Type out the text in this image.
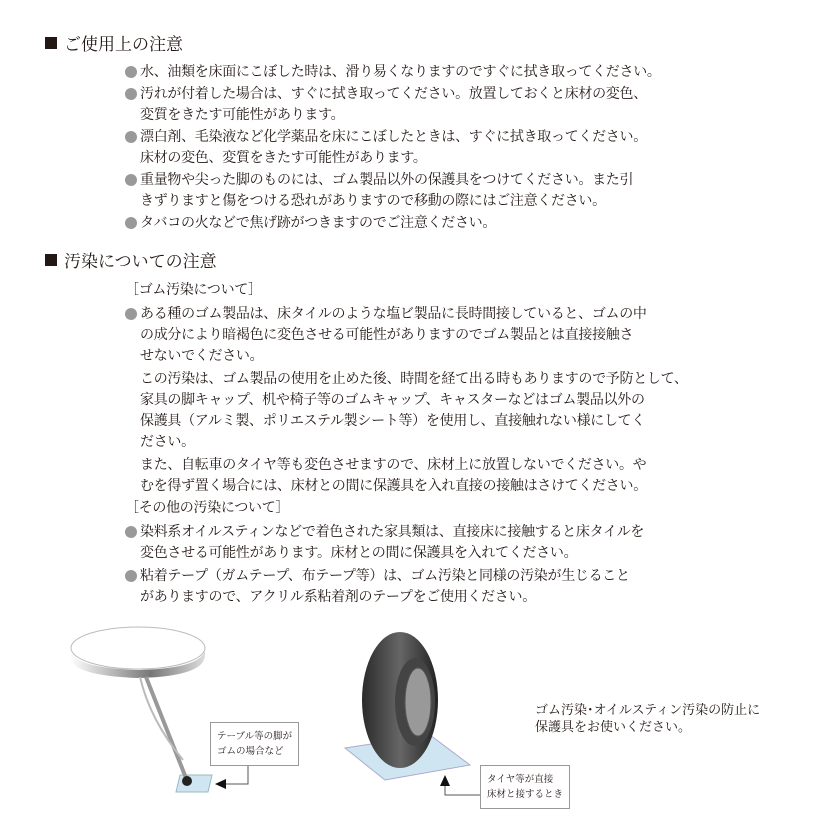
ご使用上の注意
水、油類を床面にこぼした時は、滑り易くなりますのですぐに拭き取ってください。
汚れが付着した場合は、すぐに拭き取ってください。放置しておくと床材の変色、
変質をきたす可能性があります。
漂白剤、毛染液など化学薬品を床にこぼしたときは、すぐに拭き取ってください。
床材の変色、変質をきたす可能性があります。
重量物や尖った脚のものには、ゴム製品以外の保護具をつけてください。また引
きずりますと傷をつける恐れがありますので移動の際にはご注意ください。
タバコの火などで焦げ跡がつきますのでご注意ください。
汚染についての注意
［ゴム汚染について］
ある種のゴム製品は、床タイルのような塩ビ製品に長時間接していると、ゴムの中
の成分により暗褐色に変色させる可能性がありますのでゴム製品とは直接接触さ
せないでください。
この汚染は、ゴム製品の使用を止めた後、時間を経て出る時もありますので予防として、
家具の脚キャップ、机や椅子等のゴムキャップ、キャスターなどはゴム製品以外の
保護具（アルミ製、ポリエステル製シート等）を使用し、直接触れない様にしてく
ださい。
また、自転車のタイヤ等も変色させますので、床材上に放置しないでください。や
むを得ず置く場合には、床材との間に保護具を入れ直接の接触はさけてください。
［その他の汚染について］
染料系オイルスティンなどで着色された家具類は、直接床に接触すると床タイルを
変色させる可能性があります。床材との間に保護具を入れてください。
粘着テープ（ガムテープ、布テープ等）は、ゴム汚染と同様の汚染が生じること
がありますので、アクリル系粘着剤のテープをご使用ください。
テーブル等の脚が
ゴムの場合など
タイヤ等が直接
床材と接するとき
ゴム汚染･オイルスティン汚染の防止に
保護具をお使いください。
